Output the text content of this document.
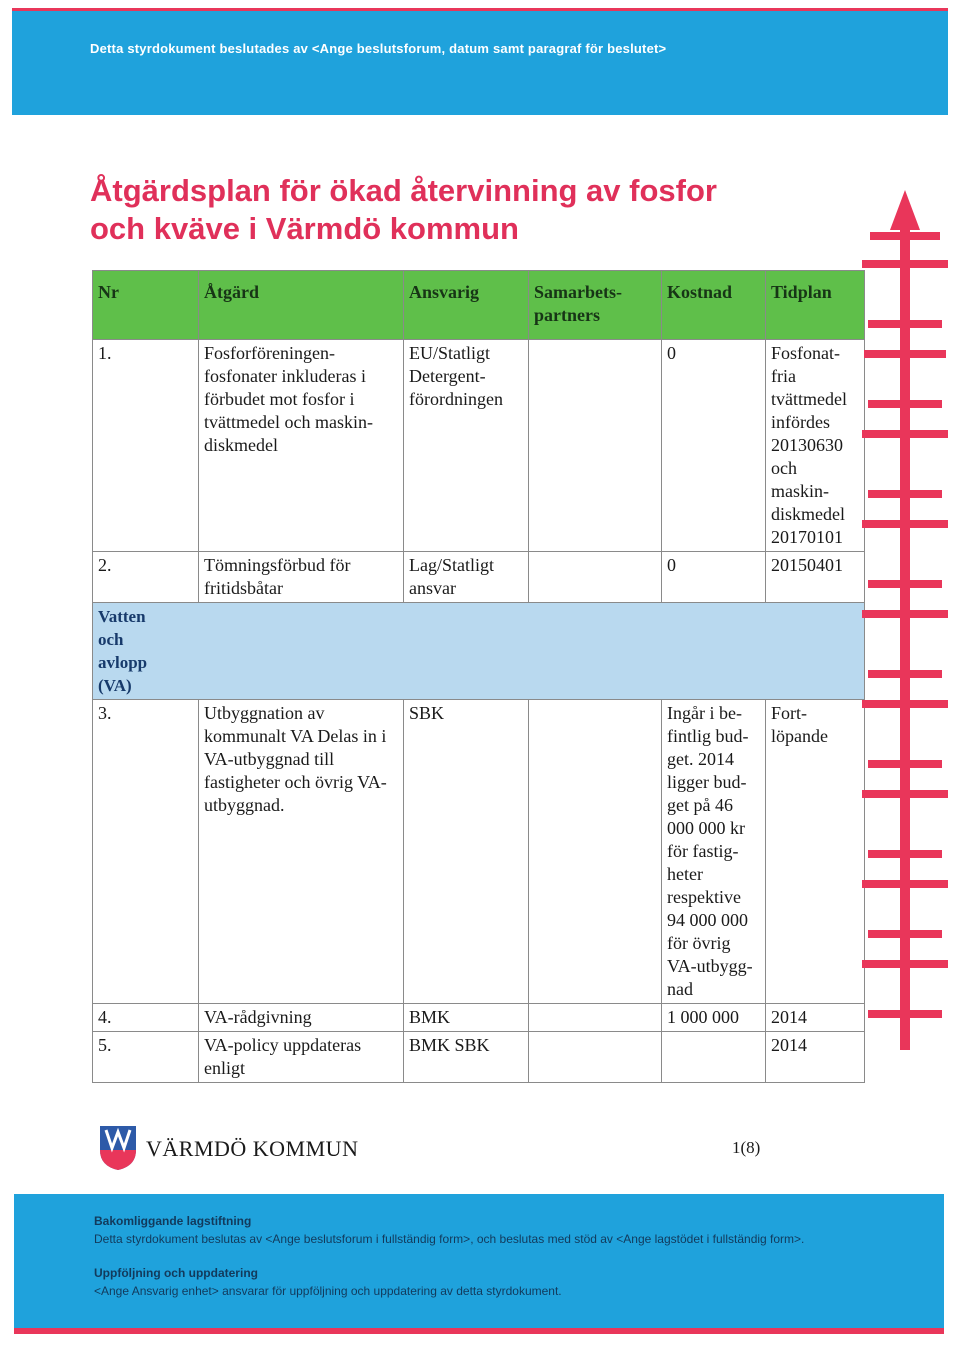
Detta styrdokument beslutades av <Ange beslutsforum, datum samt paragraf för beslutet>
Åtgärdsplan för ökad återvinning av fosfor
och kväve i Värmdö kommun
Nr	Åtgärd	Ansvarig	Samarbets-partners	Kostnad	Tidplan
1.	Fosforföreningen-fosfonater inkluderas i förbudet mot fosfor i tvättmedel och maskin-diskmedel	EU/Statligt Detergent-förordningen		0	Fosfonat-fria tvättmedel infördes 20130630 och maskin-diskmedel 20170101
2.	Tömningsförbud för fritidsbåtar	Lag/Statligt ansvar		0	20150401

Vatten och avlopp (VA)					

3.	Utbyggnation av kommunalt VA Delas in i VA-utbyggnad till fastigheter och övrig VA-utbyggnad.	SBK		Ingår i be-fintlig bud-get. 2014 ligger bud-get på 46 000 000 kr för fastig-heter respektive 94 000 000 för övrig VA-utbygg-nad	Fort-löpande
4.	VA-rådgivning	BMK		1 000 000	2014
5.	VA-policy uppdateras enligt	BMK SBK			2014
VÄRMDÖ KOMMUN	1(8)
Bakomliggande lagstiftning
Detta styrdokument beslutas av <Ange beslutsforum i fullständig form>, och beslutas med stöd av <Ange lagstödet i fullständig form>.
Uppföljning och uppdatering
<Ange Ansvarig enhet> ansvarar för uppföljning och uppdatering av detta styrdokument.
